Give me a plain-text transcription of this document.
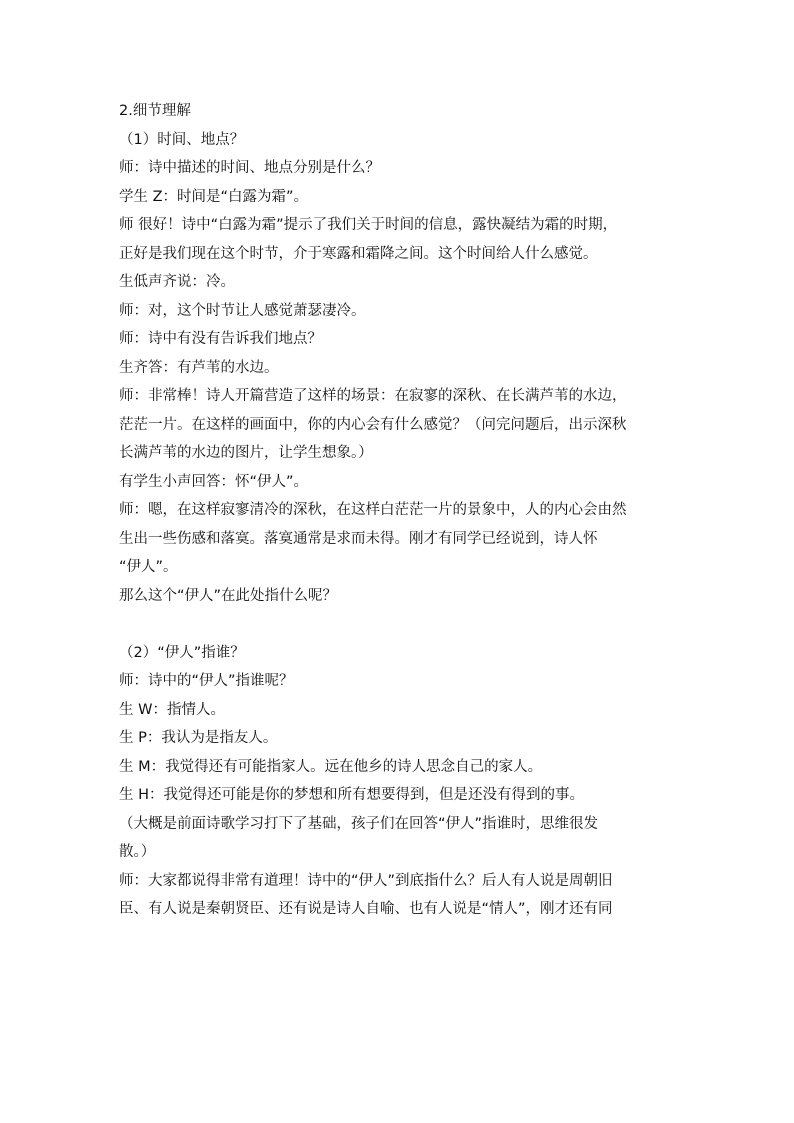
2.细节理解
（1）时间、地点？
师：诗中描述的时间、地点分别是什么？
学生 Z：时间是“白露为霜”。
师 很好！诗中“白露为霜”提示了我们关于时间的信息，露快凝结为霜的时期，
正好是我们现在这个时节，介于寒露和霜降之间。这个时间给人什么感觉。
生低声齐说：冷。
师：对，这个时节让人感觉萧瑟凄冷。
师：诗中有没有告诉我们地点？
生齐答：有芦苇的水边。
师：非常棒！诗人开篇营造了这样的场景：在寂寥的深秋、在长满芦苇的水边，
茫茫一片。在这样的画面中，你的内心会有什么感觉？（问完问题后，出示深秋
长满芦苇的水边的图片，让学生想象。）
有学生小声回答：怀“伊人”。
师：嗯，在这样寂寥清冷的深秋，在这样白茫茫一片的景象中，人的内心会由然
生出一些伤感和落寞。落寞通常是求而未得。刚才有同学已经说到，诗人怀
“伊人”。
那么这个“伊人”在此处指什么呢？
（2）“伊人”指谁？
师：诗中的“伊人”指谁呢？
生 W：指情人。
生 P：我认为是指友人。
生 M：我觉得还有可能指家人。远在他乡的诗人思念自己的家人。
生 H：我觉得还可能是你的梦想和所有想要得到，但是还没有得到的事。
（大概是前面诗歌学习打下了基础，孩子们在回答“伊人”指谁时，思维很发
散。）
师：大家都说得非常有道理！诗中的“伊人”到底指什么？后人有人说是周朝旧
臣、有人说是秦朝贤臣、还有说是诗人自喻、也有人说是“情人”，刚才还有同
